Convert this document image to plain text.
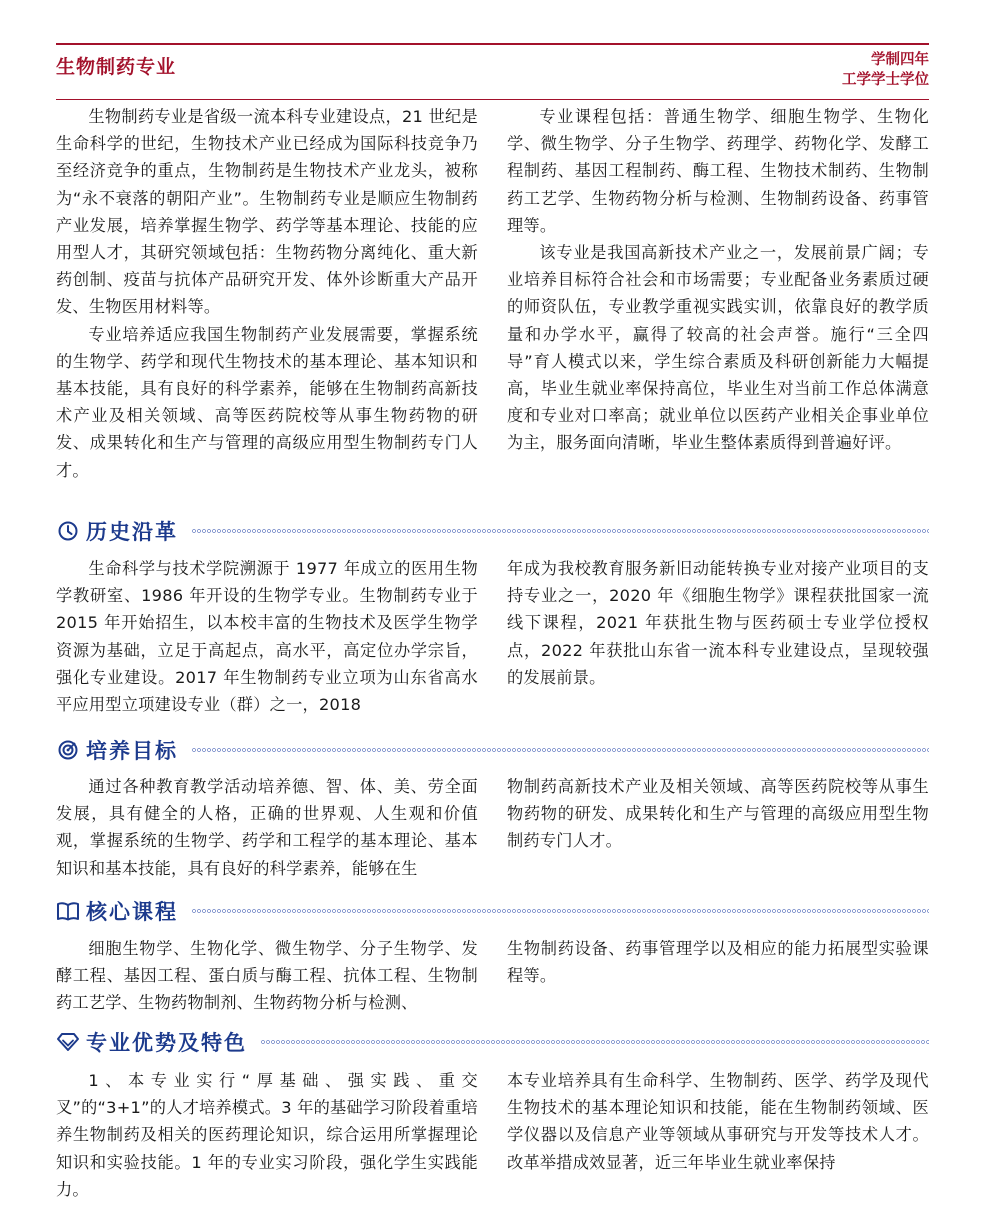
生物制药专业	学制四年
工学学士学位

生物制药专业是省级一流本科专业建设点，21 世纪是生命科学的世纪，生物技术产业已经成为国际科技竞争乃至经济竞争的重点，生物制药是生物技术产业龙头，被称为“永不衰落的朝阳产业”。生物制药专业是顺应生物制药产业发展，培养掌握生物学、药学等基本理论、技能的应用型人才，其研究领域包括：生物药物分离纯化、重大新药创制、疫苗与抗体产品研究开发、体外诊断重大产品开发、生物医用材料等。

专业培养适应我国生物制药产业发展需要，掌握系统的生物学、药学和现代生物技术的基本理论、基本知识和基本技能，具有良好的科学素养，能够在生物制药高新技术产业及相关领域、高等医药院校等从事生物药物的研发、成果转化和生产与管理的高级应用型生物制药专门人才。

专业课程包括：普通生物学、细胞生物学、生物化学、微生物学、分子生物学、药理学、药物化学、发酵工程制药、基因工程制药、酶工程、生物技术制药、生物制药工艺学、生物药物分析与检测、生物制药设备、药事管理等。

该专业是我国高新技术产业之一，发展前景广阔；专业培养目标符合社会和市场需要；专业配备业务素质过硬的师资队伍，专业教学重视实践实训，依靠良好的教学质量和办学水平，赢得了较高的社会声誉。施行“三全四导”育人模式以来，学生综合素质及科研创新能力大幅提高，毕业生就业率保持高位，毕业生对当前工作总体满意度和专业对口率高；就业单位以医药产业相关企事业单位为主，服务面向清晰，毕业生整体素质得到普遍好评。

历史沿革

生命科学与技术学院溯源于 1977 年成立的医用生物学教研室、1986 年开设的生物学专业。生物制药专业于 2015 年开始招生，以本校丰富的生物技术及医学生物学资源为基础，立足于高起点，高水平，高定位办学宗旨，强化专业建设。2017 年生物制药专业立项为山东省高水平应用型立项建设专业（群）之一，2018

年成为我校教育服务新旧动能转换专业对接产业项目的支持专业之一，2020 年《细胞生物学》课程获批国家一流线下课程，2021 年获批生物与医药硕士专业学位授权点，2022 年获批山东省一流本科专业建设点，呈现较强的发展前景。

培养目标

通过各种教育教学活动培养德、智、体、美、劳全面发展，具有健全的人格，正确的世界观、人生观和价值观，掌握系统的生物学、药学和工程学的基本理论、基本知识和基本技能，具有良好的科学素养，能够在生

物制药高新技术产业及相关领域、高等医药院校等从事生物药物的研发、成果转化和生产与管理的高级应用型生物制药专门人才。

核心课程

细胞生物学、生物化学、微生物学、分子生物学、发酵工程、基因工程、蛋白质与酶工程、抗体工程、生物制药工艺学、生物药物制剂、生物药物分析与检测、

生物制药设备、药事管理学以及相应的能力拓展型实验课程等。

专业优势及特色

1、本专业实行“厚基础、强实践、重交叉”的“3+1”的人才培养模式。3 年的基础学习阶段着重培养生物制药及相关的医药理论知识，综合运用所掌握理论知识和实验技能。1 年的专业实习阶段，强化学生实践能力。

本专业培养具有生命科学、生物制药、医学、药学及现代生物技术的基本理论知识和技能，能在生物制药领域、医学仪器以及信息产业等领域从事研究与开发等技术人才。改革举措成效显著，近三年毕业生就业率保持
